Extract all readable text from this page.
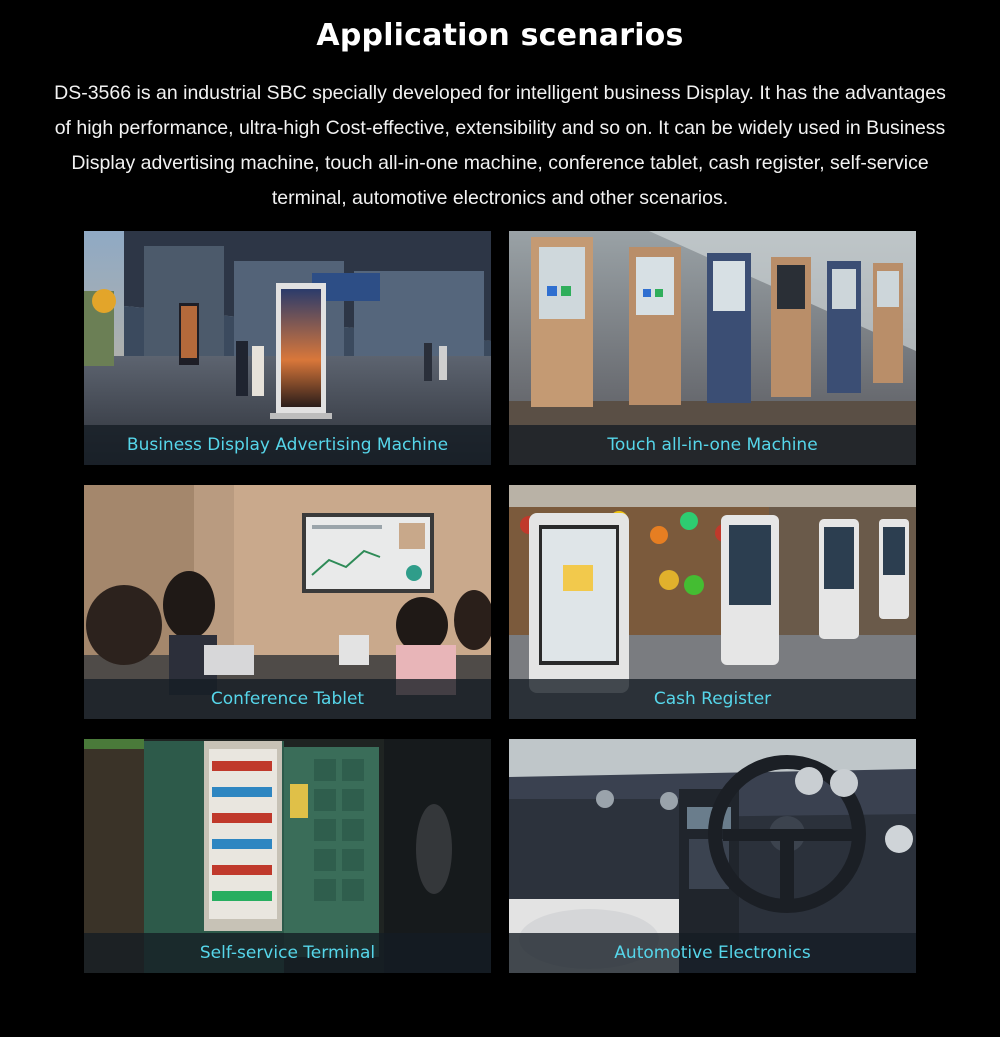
Application scenarios
DS-3566 is an industrial SBC specially developed for intelligent business Display. It has the advantages
of high performance, ultra-high Cost-effective, extensibility and so on. It can be widely used in Business
Display advertising machine, touch all-in-one machine, conference tablet, cash register, self-service
terminal, automotive electronics and other scenarios.
Business Display Advertising Machine	Touch all-in-one Machine
Conference Tablet	Cash Register
Self-service Terminal	Automotive Electronics
